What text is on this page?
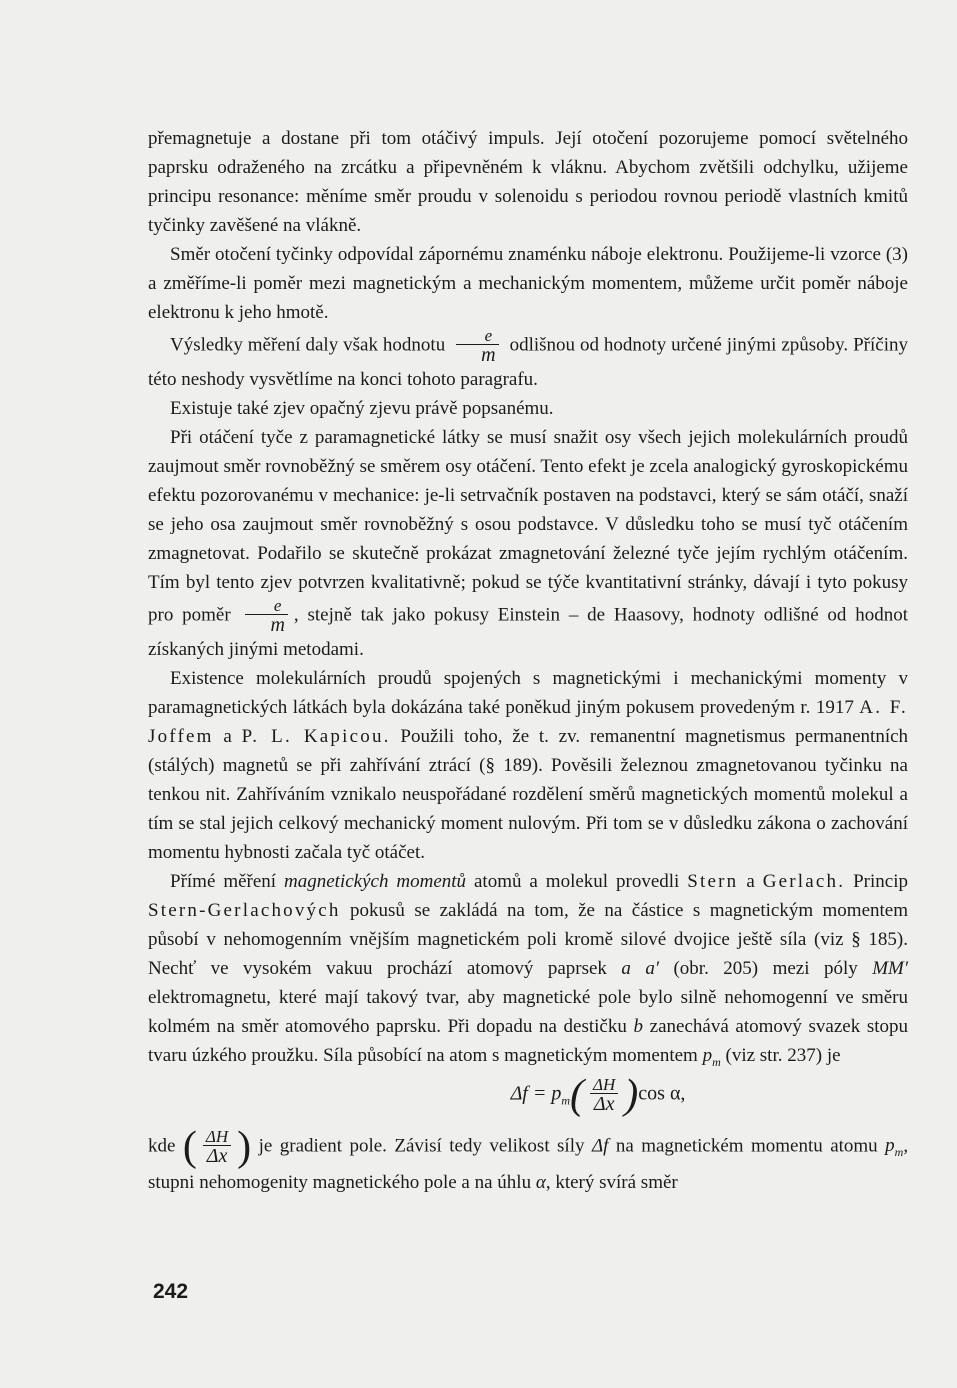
přemagnetuje a dostane při tom otáčivý impuls. Její otočení pozorujeme pomocí světelného paprsku odraženého na zrcátku a připevněném k vláknu. Abychom zvětšili odchylku, užijeme principu resonance: měníme směr proudu v solenoidu s periodou rovnou periodě vlastních kmitů tyčinky zavěšené na vlákně.

Směr otočení tyčinky odpovídal zápornému znaménku náboje elektronu. Použijeme-li vzorce (3) a změříme-li poměr mezi magnetickým a mechanickým momentem, můžeme určit poměr náboje elektronu k jeho hmotě.

Výsledky měření daly však hodnotu $\frac{e}{m}$ odlišnou od hodnoty určené jinými způsoby. Příčiny této neshody vysvětlíme na konci tohoto paragrafu.

Existuje také zjev opačný zjevu právě popsanému.

Při otáčení tyče z paramagnetické látky se musí snažit osy všech jejich molekulárních proudů zaujmout směr rovnoběžný se směrem osy otáčení. Tento efekt je zcela analogický gyroskopickému efektu pozorovanému v mechanice: je-li setrvačník postaven na podstavci, který se sám otáčí, snaží se jeho osa zaujmout směr rovnoběžný s osou podstavce. V důsledku toho se musí tyč otáčením zmagnetovat. Podařilo se skutečně prokázat zmagnetování železné tyče jejím rychlým otáčením. Tím byl tento zjev potvrzen kvalitativně; pokud se týče kvantitativní stránky, dávají i tyto pokusy pro poměr $\frac{e}{m}$ , stejně tak jako pokusy Einstein – de Haasovy, hodnoty odlišné od hodnot získaných jinými metodami.

Existence molekulárních proudů spojených s magnetickými i mechanickými momenty v paramagnetických látkách byla dokázána také poněkud jiným pokusem provedeným r. 1917 A. F. Joffem a P. L. Kapicou. Použili toho, že t. zv. remanentní magnetismus permanentních (stálých) magnetů se při zahřívání ztrácí (§ 189). Pověsili železnou zmagnetovanou tyčinku na tenkou nit. Zahříváním vznikalo neuspořádané rozdělení směrů magnetických momentů molekul a tím se stal jejich celkový mechanický moment nulovým. Při tom se v důsledku zákona o zachování momentu hybnosti začala tyč otáčet.

Přímé měření magnetických momentů atomů a molekul provedli Stern a Gerlach. Princip Stern-Gerlachových pokusů se zakládá na tom, že na částice s magnetickým momentem působí v nehomogenním vnějším magnetickém poli kromě silové dvojice ještě síla (viz § 185). Nechť ve vysokém vakuu prochází atomový paprsek a a′ (obr. 205) mezi póly MM′ elektromagnetu, které mají takový tvar, aby magnetické pole bylo silně nehomogenní ve směru kolmém na směr atomového paprsku. Při dopadu na destičku b zanechává atomový svazek stopu tvaru úzkého proužku. Síla působící na atom s magnetickým momentem $p_m$ (viz str. 237) je

$\Delta f = p_m( \frac{\Delta H}{\Delta x} )\cos$ α,

kde ( $\frac{\Delta H}{\Delta x}$ ) je gradient pole. Závisí tedy velikost síly Δf na magnetickém momentu atomu $p_m$, stupni nehomogenity magnetického pole a na úhlu α, který svírá směr

242
